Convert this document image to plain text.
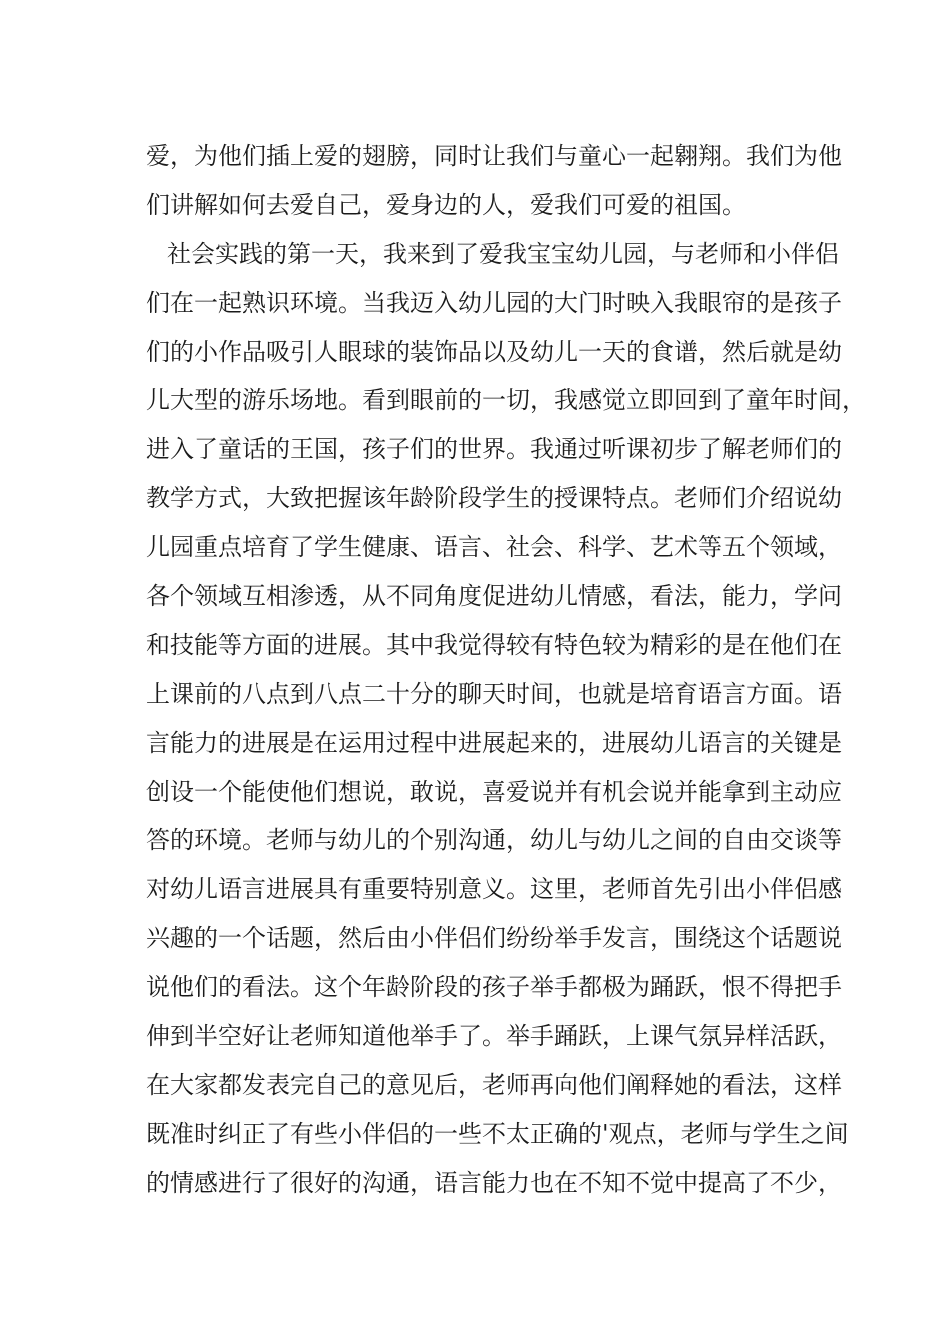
爱，为他们插上爱的翅膀，同时让我们与童心一起翱翔。我们为他
们讲解如何去爱自己，爱身边的人，爱我们可爱的祖国。
社会实践的第一天，我来到了爱我宝宝幼儿园，与老师和小伴侣
们在一起熟识环境。当我迈入幼儿园的大门时映入我眼帘的是孩子
们的小作品吸引人眼球的装饰品以及幼儿一天的食谱，然后就是幼
儿大型的游乐场地。看到眼前的一切，我感觉立即回到了童年时间，
进入了童话的王国，孩子们的世界。我通过听课初步了解老师们的
教学方式，大致把握该年龄阶段学生的授课特点。老师们介绍说幼
儿园重点培育了学生健康、语言、社会、科学、艺术等五个领域，
各个领域互相渗透，从不同角度促进幼儿情感，看法，能力，学问
和技能等方面的进展。其中我觉得较有特色较为精彩的是在他们在
上课前的八点到八点二十分的聊天时间，也就是培育语言方面。语
言能力的进展是在运用过程中进展起来的，进展幼儿语言的关键是
创设一个能使他们想说，敢说，喜爱说并有机会说并能拿到主动应
答的环境。老师与幼儿的个别沟通，幼儿与幼儿之间的自由交谈等
对幼儿语言进展具有重要特别意义。这里，老师首先引出小伴侣感
兴趣的一个话题，然后由小伴侣们纷纷举手发言，围绕这个话题说
说他们的看法。这个年龄阶段的孩子举手都极为踊跃，恨不得把手
伸到半空好让老师知道他举手了。举手踊跃，上课气氛异样活跃，
在大家都发表完自己的意见后，老师再向他们阐释她的看法，这样
既准时纠正了有些小伴侣的一些不太正确的'观点，老师与学生之间
的情感进行了很好的沟通，语言能力也在不知不觉中提高了不少，
